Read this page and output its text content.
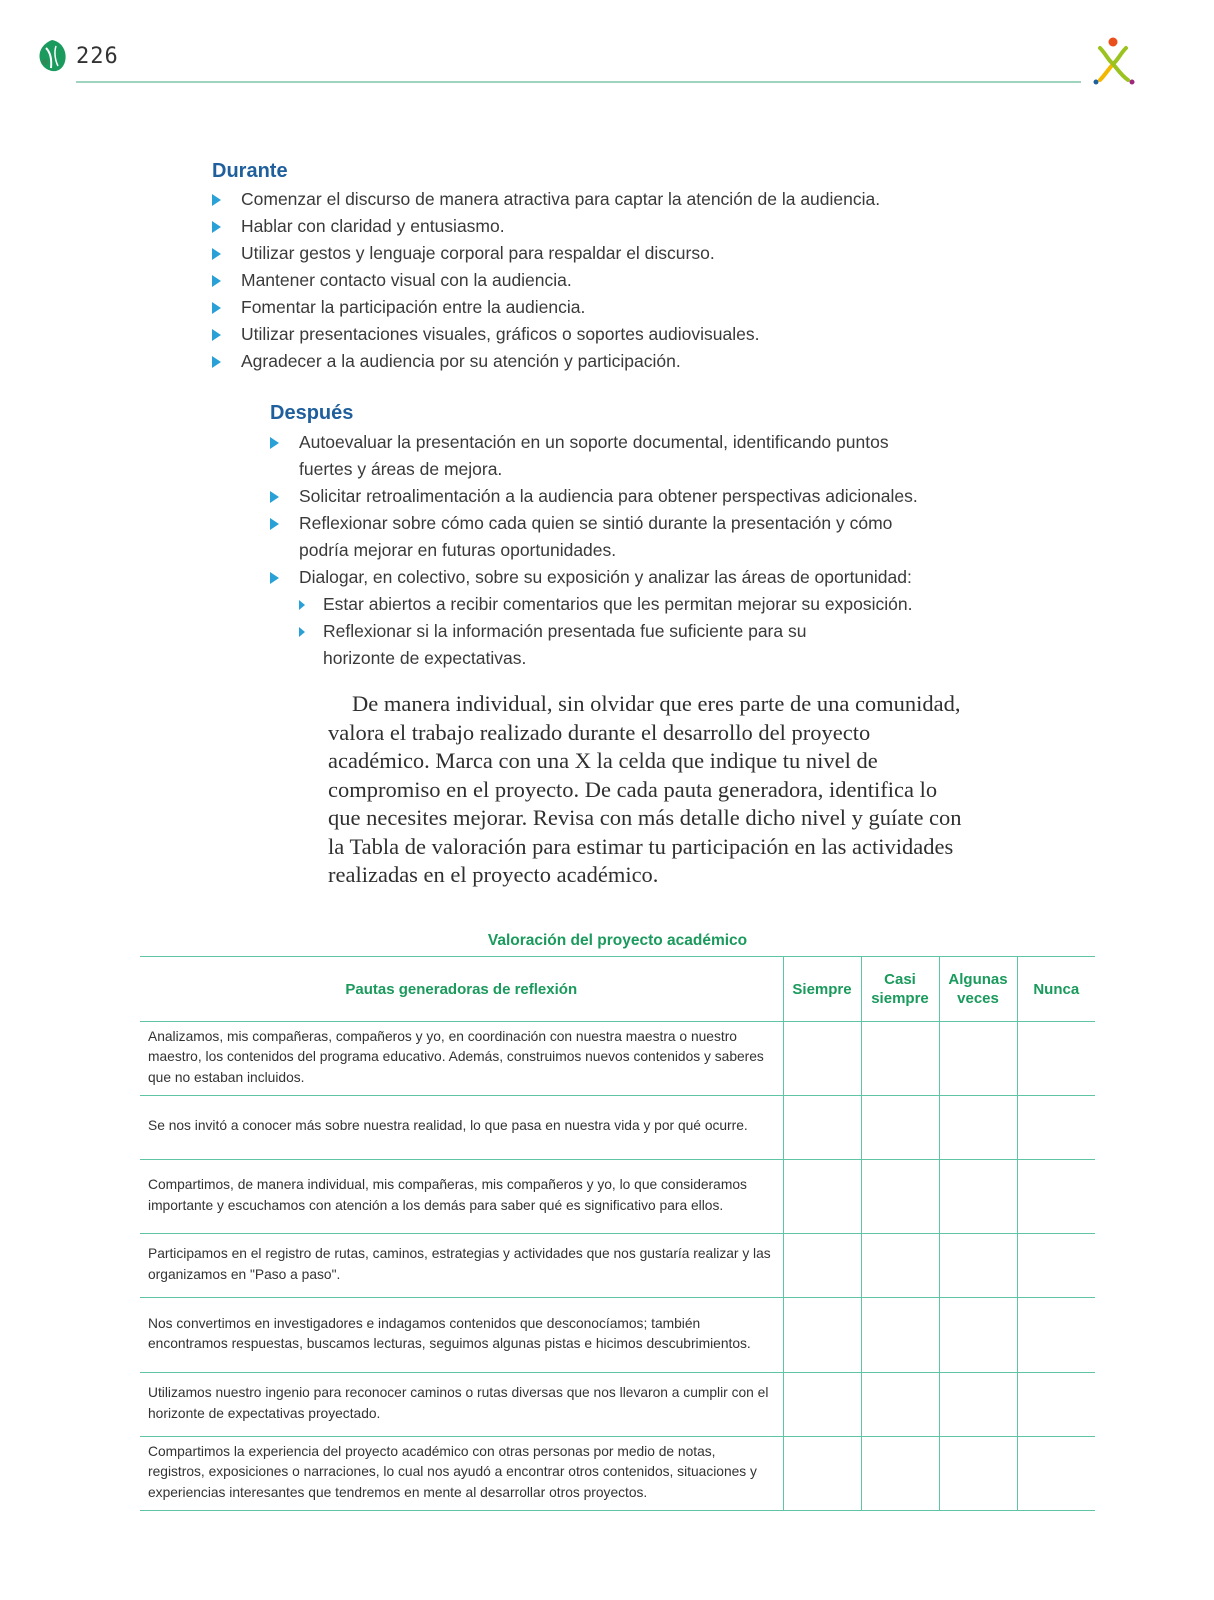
226
Durante
Comenzar el discurso de manera atractiva para captar la atención de la audiencia.
Hablar con claridad y entusiasmo.
Utilizar gestos y lenguaje corporal para respaldar el discurso.
Mantener contacto visual con la audiencia.
Fomentar la participación entre la audiencia.
Utilizar presentaciones visuales, gráficos o soportes audiovisuales.
Agradecer a la audiencia por su atención y participación.
Después
Autoevaluar la presentación en un soporte documental, identificando puntos fuertes y áreas de mejora.
Solicitar retroalimentación a la audiencia para obtener perspectivas adicionales.
Reflexionar sobre cómo cada quien se sintió durante la presentación y cómo podría mejorar en futuras oportunidades.
Dialogar, en colectivo, sobre su exposición y analizar las áreas de oportunidad:
Estar abiertos a recibir comentarios que les permitan mejorar su exposición.
Reflexionar si la información presentada fue suficiente para su horizonte de expectativas.

De manera individual, sin olvidar que eres parte de una comunidad, valora el trabajo realizado durante el desarrollo del proyecto académico. Marca con una X la celda que indique tu nivel de compromiso en el proyecto. De cada pauta generadora, identifica lo que necesites mejorar. Revisa con más detalle dicho nivel y guíate con la Tabla de valoración para estimar tu participación en las actividades realizadas en el proyecto académico.

Valoración del proyecto académico
Pautas generadoras de reflexión	Siempre	Casi siempre	Algunas veces	Nunca
Analizamos, mis compañeras, compañeros y yo, en coordinación con nuestra maestra o nuestro maestro, los contenidos del programa educativo. Además, construimos nuevos contenidos y saberes que no estaban incluidos.				
Se nos invitó a conocer más sobre nuestra realidad, lo que pasa en nuestra vida y por qué ocurre.				
Compartimos, de manera individual, mis compañeras, mis compañeros y yo, lo que consideramos importante y escuchamos con atención a los demás para saber qué es significativo para ellos.				
Participamos en el registro de rutas, caminos, estrategias y actividades que nos gustaría realizar y las organizamos en "Paso a paso".				
Nos convertimos en investigadores e indagamos contenidos que desconocíamos; también encontramos respuestas, buscamos lecturas, seguimos algunas pistas e hicimos descubrimientos.				
Utilizamos nuestro ingenio para reconocer caminos o rutas diversas que nos llevaron a cumplir con el horizonte de expectativas proyectado.				
Compartimos la experiencia del proyecto académico con otras personas por medio de notas, registros, exposiciones o narraciones, lo cual nos ayudó a encontrar otros contenidos, situaciones y experiencias interesantes que tendremos en mente al desarrollar otros proyectos.				
